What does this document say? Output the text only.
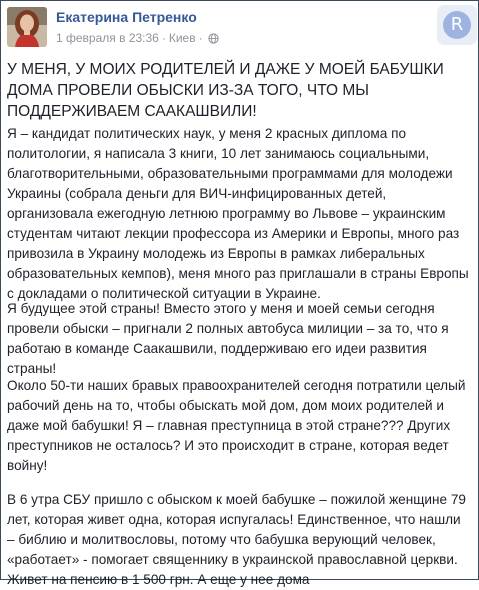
Екатерина Петренко
1 февраля в 23:36 · Киев ·
R
У МЕНЯ, У МОИХ РОДИТЕЛЕЙ И ДАЖЕ У МОЕЙ БАБУШКИ ДОМА ПРОВЕЛИ ОБЫСКИ ИЗ-ЗА ТОГО, ЧТО МЫ ПОДДЕРЖИВАЕМ СААКАШВИЛИ!

Я – кандидат политических наук, у меня 2 красных диплома по политологии, я написала 3 книги, 10 лет занимаюсь социальными, благотворительными, образовательными программами для молодежи Украины (собрала деньги для ВИЧ-инфицированных детей, организовала ежегодную летнюю программу во Львове – украинским студентам читают лекции профессора из Америки и Европы, много раз привозила в Украину молодежь из Европы в рамках либеральных образовательных кемпов), меня много раз приглашали в страны Европы с докладами о политической ситуации в Украине.

Я будущее этой страны! Вместо этого у меня и моей семьи сегодня провели обыски – пригнали 2 полных автобуса милиции – за то, что я работаю в команде Саакашвили, поддерживаю его идеи развития страны!

Около 50-ти наших бравых правоохранителей сегодня потратили целый рабочий день на то, чтобы обыскать мой дом, дом моих родителей и даже мой бабушки! Я – главная преступница в этой стране??? Других преступников не осталось? И это происходит в стране, которая ведет войну!

В 6 утра СБУ пришло с обыском к моей бабушке – пожилой женщине 79 лет, которая живет одна, которая испугалась! Единственное, что нашли – библию и молитвословы, потому что бабушка верующий человек, «работает» - помогает священнику в украинской православной церкви. Живет на пенсию в 1 500 грн. А еще у нее дома
